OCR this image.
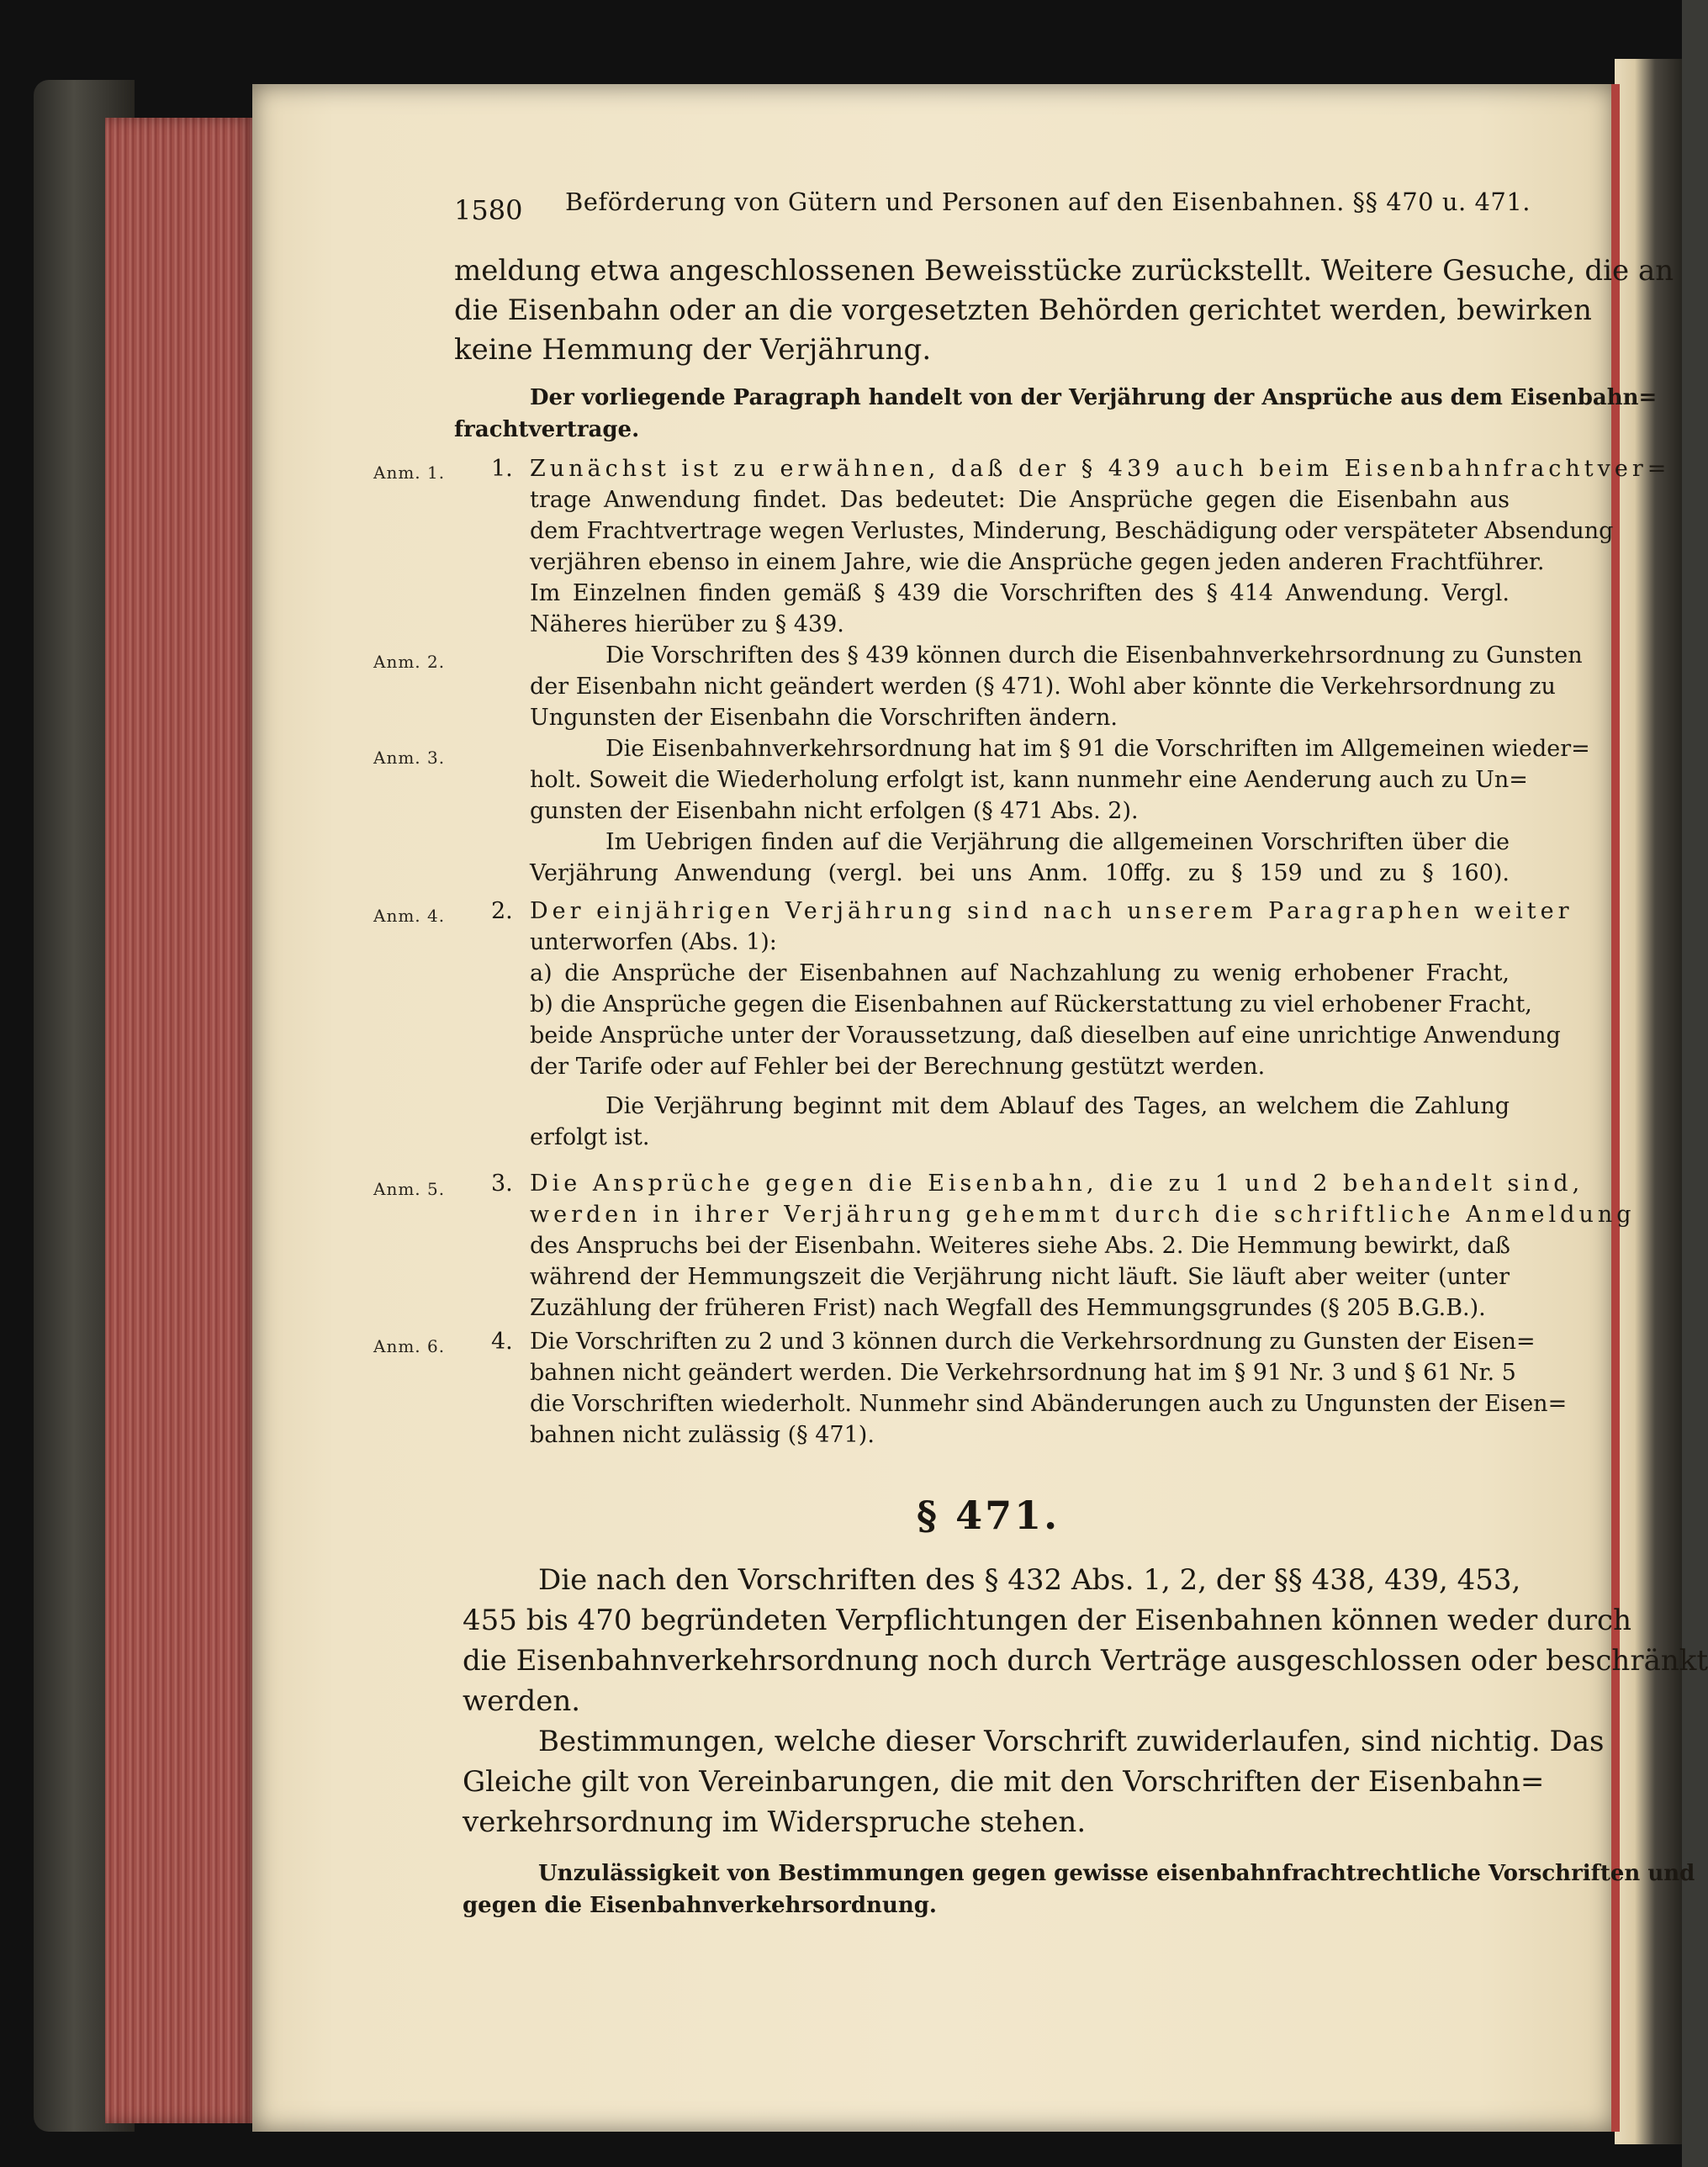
1580 Beförderung von Gütern und Personen auf den Eisenbahnen. §§ 470 u. 471.
meldung etwa angeschlossenen Beweisstücke zurückstellt. Weitere Gesuche, die an
die Eisenbahn oder an die vorgesetzten Behörden gerichtet werden, bewirken
keine Hemmung der Verjährung.
Der vorliegende Paragraph handelt von der Verjährung der Ansprüche aus dem Eisenbahn=
frachtvertrage.
Anm. 1.
Anm. 2.
Anm. 3.
Anm. 4.
Anm. 5.
Anm. 6.
1.
2.
3.
4.
Zunächst ist zu erwähnen, daß der § 439 auch beim Eisenbahnfrachtver=
trage Anwendung findet. Das bedeutet: Die Ansprüche gegen die Eisenbahn aus
dem Frachtvertrage wegen Verlustes, Minderung, Beschädigung oder verspäteter Absendung
verjähren ebenso in einem Jahre, wie die Ansprüche gegen jeden anderen Frachtführer.
Im Einzelnen finden gemäß § 439 die Vorschriften des § 414 Anwendung. Vergl.
Näheres hierüber zu § 439.
Die Vorschriften des § 439 können durch die Eisenbahnverkehrsordnung zu Gunsten
der Eisenbahn nicht geändert werden (§ 471). Wohl aber könnte die Verkehrsordnung zu
Ungunsten der Eisenbahn die Vorschriften ändern.
Die Eisenbahnverkehrsordnung hat im § 91 die Vorschriften im Allgemeinen wieder=
holt. Soweit die Wiederholung erfolgt ist, kann nunmehr eine Aenderung auch zu Un=
gunsten der Eisenbahn nicht erfolgen (§ 471 Abs. 2).
Im Uebrigen finden auf die Verjährung die allgemeinen Vorschriften über die
Verjährung Anwendung (vergl. bei uns Anm. 10ffg. zu § 159 und zu § 160).
Der einjährigen Verjährung sind nach unserem Paragraphen weiter
unterworfen (Abs. 1):
a) die Ansprüche der Eisenbahnen auf Nachzahlung zu wenig erhobener Fracht,
b) die Ansprüche gegen die Eisenbahnen auf Rückerstattung zu viel erhobener Fracht,
beide Ansprüche unter der Voraussetzung, daß dieselben auf eine unrichtige Anwendung
der Tarife oder auf Fehler bei der Berechnung gestützt werden.
Die Verjährung beginnt mit dem Ablauf des Tages, an welchem die Zahlung
erfolgt ist.
Die Ansprüche gegen die Eisenbahn, die zu 1 und 2 behandelt sind,
werden in ihrer Verjährung gehemmt durch die schriftliche Anmeldung
des Anspruchs bei der Eisenbahn. Weiteres siehe Abs. 2. Die Hemmung bewirkt, daß
während der Hemmungszeit die Verjährung nicht läuft. Sie läuft aber weiter (unter
Zuzählung der früheren Frist) nach Wegfall des Hemmungsgrundes (§ 205 B.G.B.).
Die Vorschriften zu 2 und 3 können durch die Verkehrsordnung zu Gunsten der Eisen=
bahnen nicht geändert werden. Die Verkehrsordnung hat im § 91 Nr. 3 und § 61 Nr. 5
die Vorschriften wiederholt. Nunmehr sind Abänderungen auch zu Ungunsten der Eisen=
bahnen nicht zulässig (§ 471).
§ 471.
Die nach den Vorschriften des § 432 Abs. 1, 2, der §§ 438, 439, 453,
455 bis 470 begründeten Verpflichtungen der Eisenbahnen können weder durch
die Eisenbahnverkehrsordnung noch durch Verträge ausgeschlossen oder beschränkt
werden.
Bestimmungen, welche dieser Vorschrift zuwiderlaufen, sind nichtig. Das
Gleiche gilt von Vereinbarungen, die mit den Vorschriften der Eisenbahn=
verkehrsordnung im Widerspruche stehen.
Unzulässigkeit von Bestimmungen gegen gewisse eisenbahnfrachtrechtliche Vorschriften und
gegen die Eisenbahnverkehrsordnung.
